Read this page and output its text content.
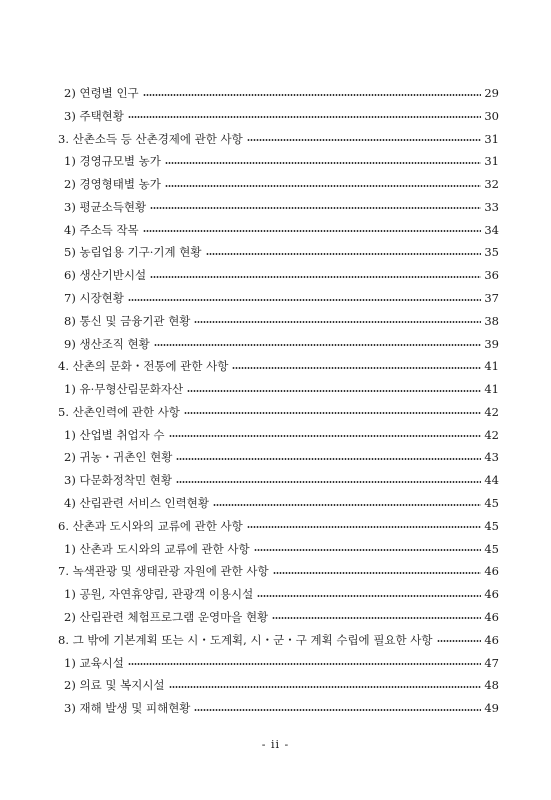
2) 연령별 인구	29
3) 주택현황	30
3. 산촌소득 등 산촌경제에 관한 사항	31
1) 경영규모별 농가	31
2) 경영형태별 농가	32
3) 평균소득현황	33
4) 주소득 작목	34
5) 농림업용 기구·기계 현황	35
6) 생산기반시설	36
7) 시장현황	37
8) 통신 및 금융기관 현황	38
9) 생산조직 현황	39
4. 산촌의 문화・전통에 관한 사항	41
1) 유·무형산림문화자산	41
5. 산촌인력에 관한 사항	42
1) 산업별 취업자 수	42
2) 귀농・귀촌인 현황	43
3) 다문화정착민 현황	44
4) 산림관련 서비스 인력현황	45
6. 산촌과 도시와의 교류에 관한 사항	45
1) 산촌과 도시와의 교류에 관한 사항	45
7. 녹색관광 및 생태관광 자원에 관한 사항	46
1) 공원, 자연휴양림, 관광객 이용시설	46
2) 산림관련 체험프로그램 운영마을 현황	46
8. 그 밖에 기본계획 또는 시・도계획, 시・군・구 계획 수립에 필요한 사항	46
1) 교육시설	47
2) 의료 및 복지시설	48
3) 재해 발생 및 피해현황	49
- ii -
